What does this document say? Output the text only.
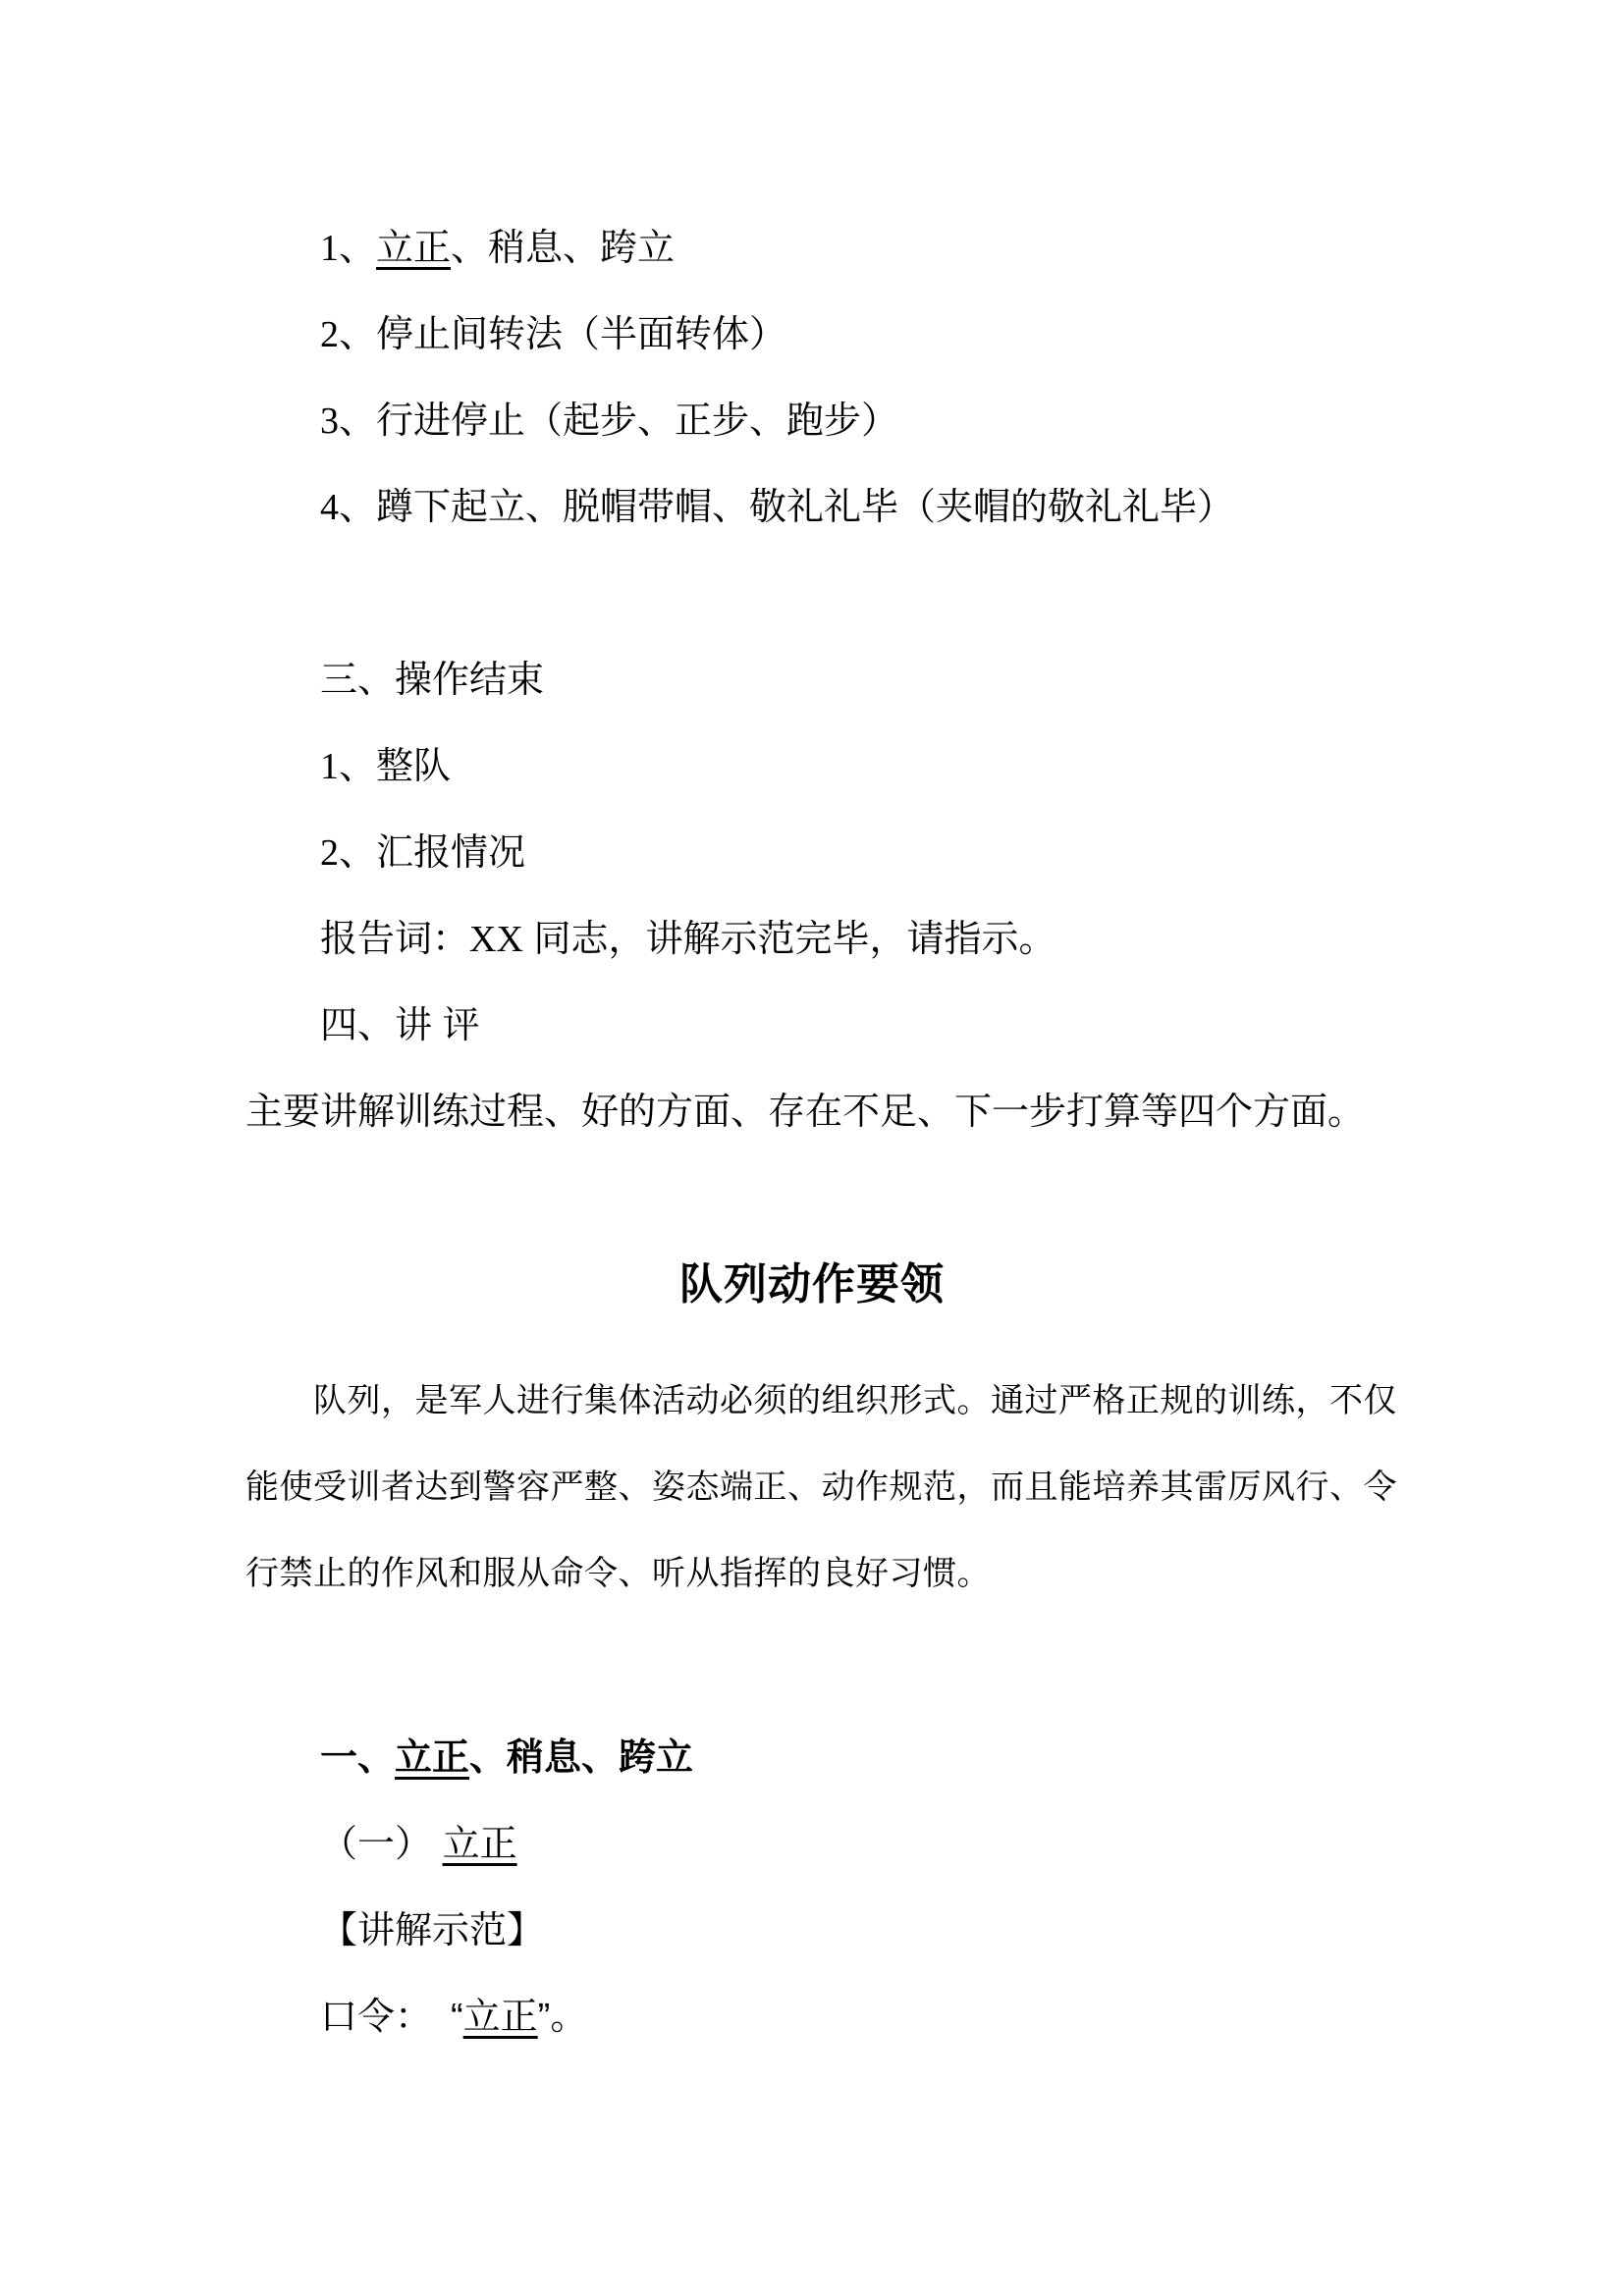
1、立正、稍息、跨立

2、停止间转法（半面转体）

3、行进停止（起步、正步、跑步）

4、蹲下起立、脱帽带帽、敬礼礼毕（夹帽的敬礼礼毕）

三、操作结束

1、整队

2、汇报情况

报告词：XX 同志，讲解示范完毕，请指示。

四、讲 评

主要讲解训练过程、好的方面、存在不足、下一步打算等四个方面。

队列动作要领

队列，是军人进行集体活动必须的组织形式。通过严格正规的训练，不仅

能使受训者达到警容严整、姿态端正、动作规范，而且能培养其雷厉风行、令

行禁止的作风和服从命令、听从指挥的良好习惯。

一、立正、稍息、跨立

（一） 立正

【讲解示范】

口令：　“立正”。
